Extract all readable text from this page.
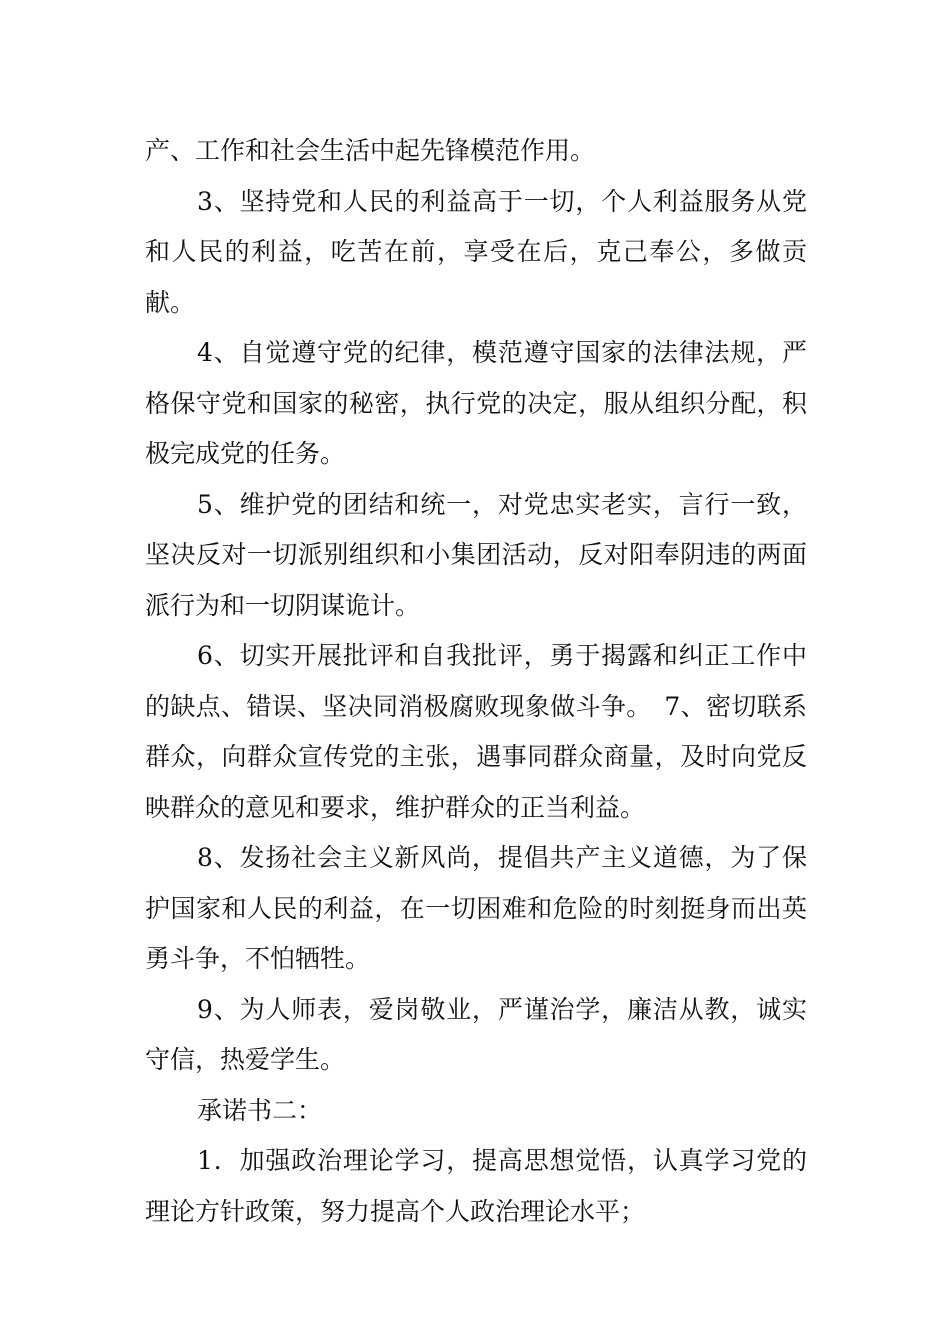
产、工作和社会生活中起先锋模范作用。

3、坚持党和人民的利益高于一切，个人利益服务从党和人民的利益，吃苦在前，享受在后，克己奉公，多做贡献。

4、自觉遵守党的纪律，模范遵守国家的法律法规，严格保守党和国家的秘密，执行党的决定，服从组织分配，积极完成党的任务。

5、维护党的团结和统一，对党忠实老实，言行一致，坚决反对一切派别组织和小集团活动，反对阳奉阴违的两面派行为和一切阴谋诡计。

6、切实开展批评和自我批评，勇于揭露和纠正工作中的缺点、错误、坚决同消极腐败现象做斗争。　7、密切联系群众，向群众宣传党的主张，遇事同群众商量，及时向党反映群众的意见和要求，维护群众的正当利益。

8、发扬社会主义新风尚，提倡共产主义道德，为了保护国家和人民的利益，在一切困难和危险的时刻挺身而出英勇斗争，不怕牺牲。

9、为人师表，爱岗敬业，严谨治学，廉洁从教，诚实守信，热爱学生。

承诺书二：

1．加强政治理论学习，提高思想觉悟，认真学习党的理论方针政策，努力提高个人政治理论水平；
